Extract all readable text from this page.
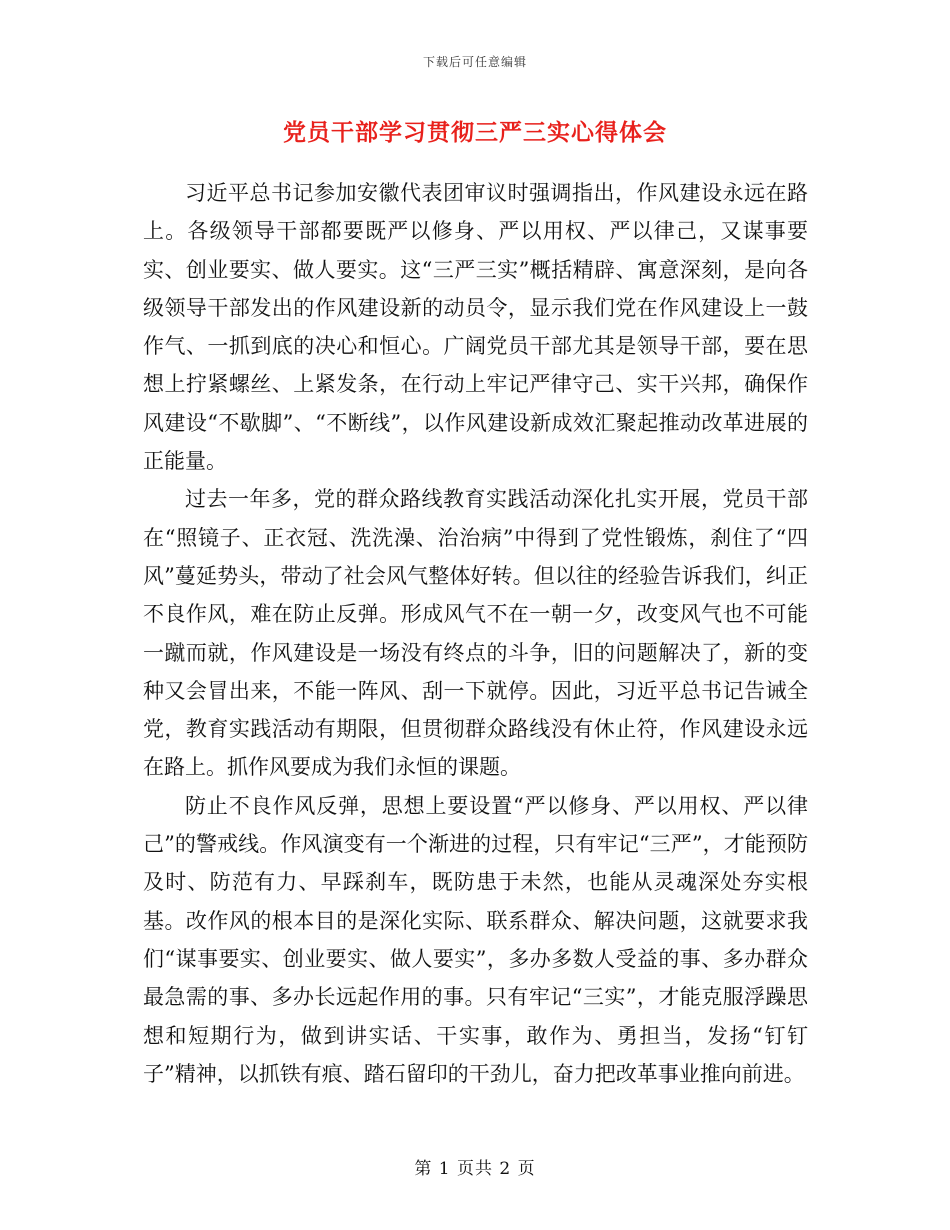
下载后可任意编辑
党员干部学习贯彻三严三实心得体会

习近平总书记参加安徽代表团审议时强调指出，作风建设永远在路上。各级领导干部都要既严以修身、严以用权、严以律己，又谋事要实、创业要实、做人要实。这“三严三实”概括精辟、寓意深刻，是向各级领导干部发出的作风建设新的动员令，显示我们党在作风建设上一鼓作气、一抓到底的决心和恒心。广阔党员干部尤其是领导干部，要在思想上拧紧螺丝、上紧发条，在行动上牢记严律守己、实干兴邦，确保作风建设“不歇脚”、“不断线”，以作风建设新成效汇聚起推动改革进展的正能量。

过去一年多，党的群众路线教育实践活动深化扎实开展，党员干部在“照镜子、正衣冠、洗洗澡、治治病”中得到了党性锻炼，刹住了“四风”蔓延势头，带动了社会风气整体好转。但以往的经验告诉我们，纠正不良作风，难在防止反弹。形成风气不在一朝一夕，改变风气也不可能一蹴而就，作风建设是一场没有终点的斗争，旧的问题解决了，新的变种又会冒出来，不能一阵风、刮一下就停。因此，习近平总书记告诫全党，教育实践活动有期限，但贯彻群众路线没有休止符，作风建设永远在路上。抓作风要成为我们永恒的课题。

防止不良作风反弹，思想上要设置“严以修身、严以用权、严以律己”的警戒线。作风演变有一个渐进的过程，只有牢记“三严”，才能预防及时、防范有力、早踩刹车，既防患于未然，也能从灵魂深处夯实根基。改作风的根本目的是深化实际、联系群众、解决问题，这就要求我们“谋事要实、创业要实、做人要实”，多办多数人受益的事、多办群众最急需的事、多办长远起作用的事。只有牢记“三实”，才能克服浮躁思想和短期行为，做到讲实话、干实事，敢作为、勇担当，发扬“钉钉子”精神，以抓铁有痕、踏石留印的干劲儿，奋力把改革事业推向前进。

第 1 页共 2 页
